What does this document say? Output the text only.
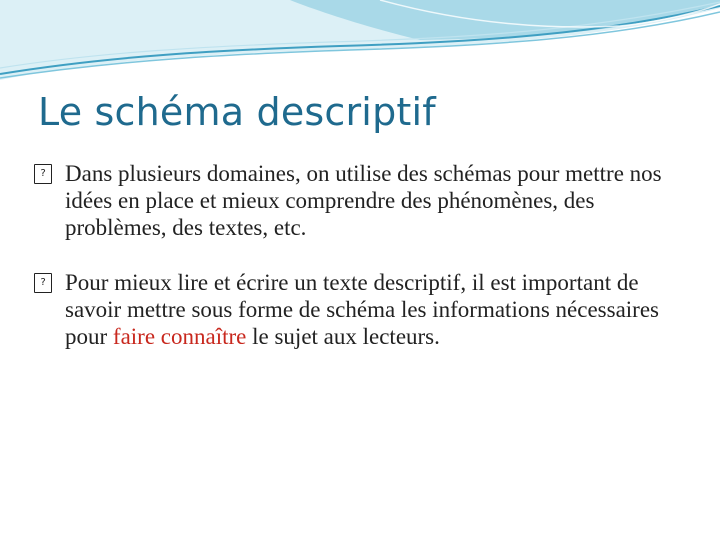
Le schéma descriptif
? Dans plusieurs domaines, on utilise des schémas pour mettre nos idées en place et mieux comprendre des phénomènes, des problèmes, des textes, etc.
? Pour mieux lire et écrire un texte descriptif, il est important de savoir mettre sous forme de schéma les informations nécessaires pour faire connaître le sujet aux lecteurs.
